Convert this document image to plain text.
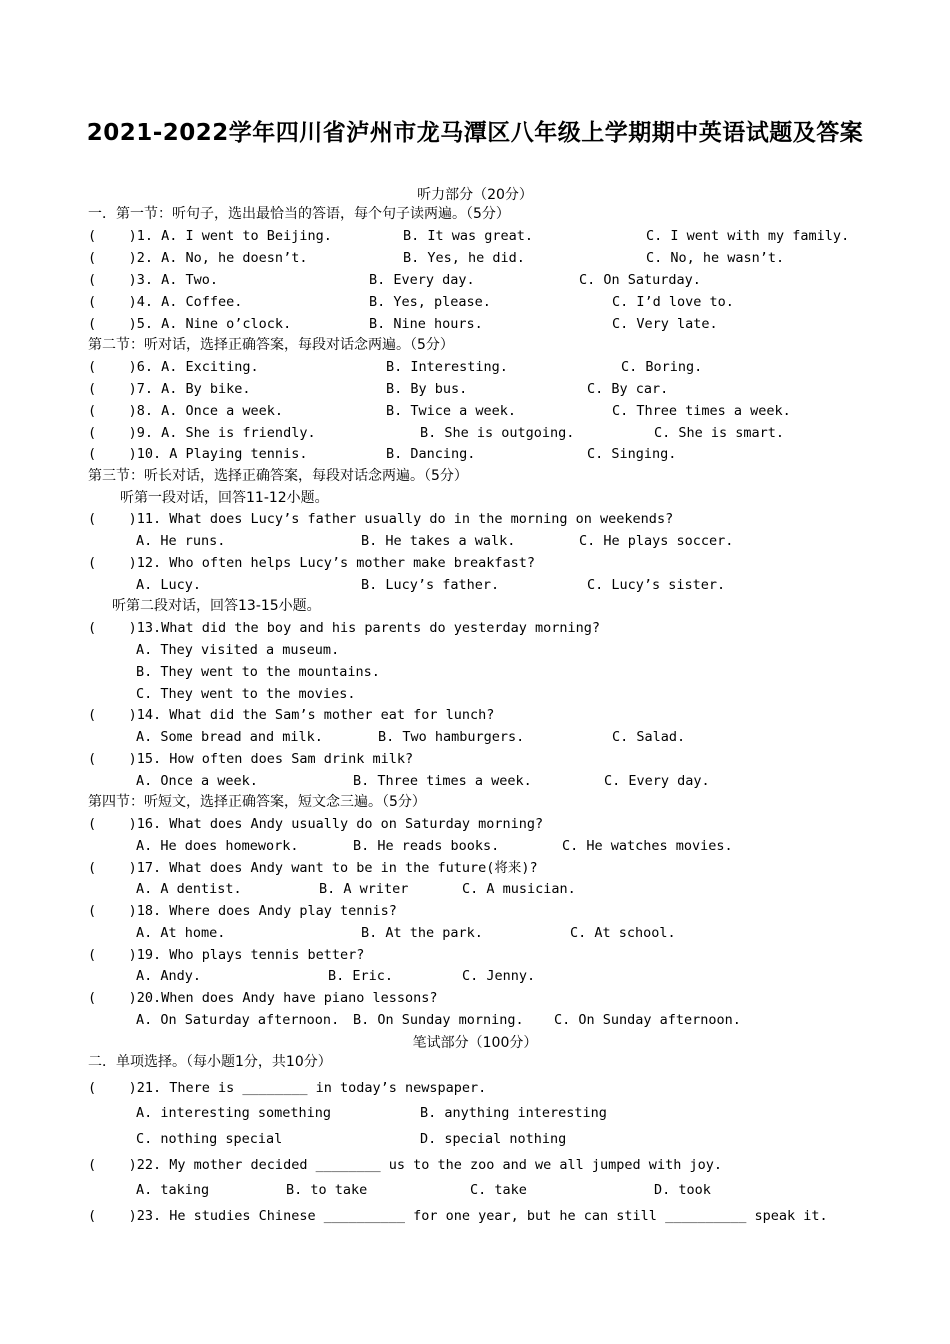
2021-2022学年四川省泸州市龙马潭区八年级上学期期中英语试题及答案
听力部分（20分）
一．第一节：听句子，选出最恰当的答语，每个句子读两遍。（5分）
(    )1. A. I went to Beijing.	B. It was great.	C. I went with my family.
(    )2. A. No, he doesn’t.	B. Yes, he did.	C. No, he wasn’t.
(    )3. A. Two.	B. Every day.	C. On Saturday.
(    )4. A. Coffee.	B. Yes, please.	C. I’d love to.
(    )5. A. Nine o’clock.	B. Nine hours.	C. Very late.
第二节：听对话，选择正确答案，每段对话念两遍。（5分）
(    )6. A. Exciting.	B. Interesting.	C. Boring.
(    )7. A. By bike.	B. By bus.	C. By car.
(    )8. A. Once a week.	B. Twice a week.	C. Three times a week.
(    )9. A. She is friendly.	B. She is outgoing.	C. She is smart.
(    )10. A Playing tennis.	B. Dancing.	C. Singing.
第三节：听长对话，选择正确答案，每段对话念两遍。（5分）
听第一段对话，回答11-12小题。
(    )11. What does Lucy’s father usually do in the morning on weekends?
A. He runs.	B. He takes a walk.	C. He plays soccer.
(    )12. Who often helps Lucy’s mother make breakfast?
A. Lucy.	B. Lucy’s father.	C. Lucy’s sister.
听第二段对话，回答13-15小题。
(    )13.What did the boy and his parents do yesterday morning?
A. They visited a museum.
B. They went to the mountains.
C. They went to the movies.
(    )14. What did the Sam’s mother eat for lunch?
A. Some bread and milk.	B. Two hamburgers.	C. Salad.
(    )15. How often does Sam drink milk?
A. Once a week.	B. Three times a week.	C. Every day.
第四节：听短文，选择正确答案，短文念三遍。（5分）
(    )16. What does Andy usually do on Saturday morning?
A. He does homework.	B. He reads books.	C. He watches movies.
(    )17. What does Andy want to be in the future(将来)?
A. A dentist.	B. A writer	C. A musician.
(    )18. Where does Andy play tennis?
A. At home.	B. At the park.	C. At school.
(    )19. Who plays tennis better?
A. Andy.	B. Eric.	C. Jenny.
(    )20.When does Andy have piano lessons?
A. On Saturday afternoon. B. On Sunday morning. C. On Sunday afternoon.
笔试部分（100分）
二．单项选择。（每小题1分，共10分）
(    )21. There is ________ in today’s newspaper.
A. interesting something	B. anything interesting
C. nothing special	D. special nothing
(    )22. My mother decided ________ us to the zoo and we all jumped with joy.
A. taking	B. to take	C. take	D. took
(    )23. He studies Chinese __________ for one year, but he can still __________ speak it.
